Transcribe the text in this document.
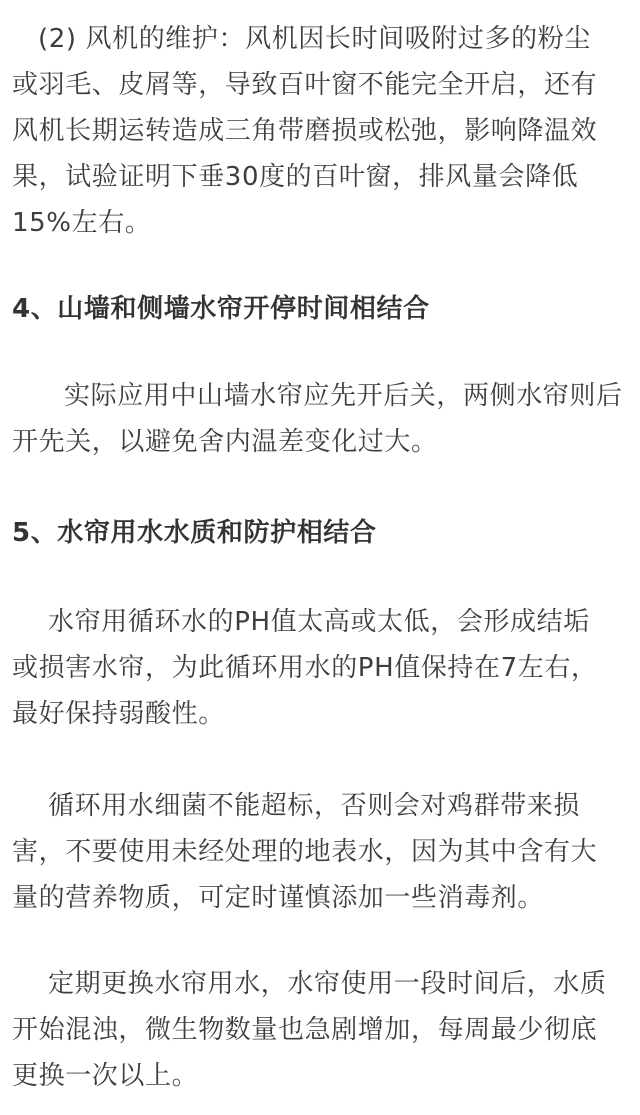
(2) 风机的维护：风机因长时间吸附过多的粉尘
或羽毛、皮屑等，导致百叶窗不能完全开启，还有
风机长期运转造成三角带磨损或松弛，影响降温效
果，试验证明下垂30度的百叶窗，排风量会降低
15%左右。
4、山墙和侧墙水帘开停时间相结合
实际应用中山墙水帘应先开后关，两侧水帘则后
开先关，以避免舍内温差变化过大。
5、水帘用水水质和防护相结合
水帘用循环水的PH值太高或太低，会形成结垢
或损害水帘，为此循环用水的PH值保持在7左右，
最好保持弱酸性。
循环用水细菌不能超标，否则会对鸡群带来损
害，不要使用未经处理的地表水，因为其中含有大
量的营养物质，可定时谨慎添加一些消毒剂。
定期更换水帘用水，水帘使用一段时间后，水质
开始混浊，微生物数量也急剧增加，每周最少彻底
更换一次以上。
